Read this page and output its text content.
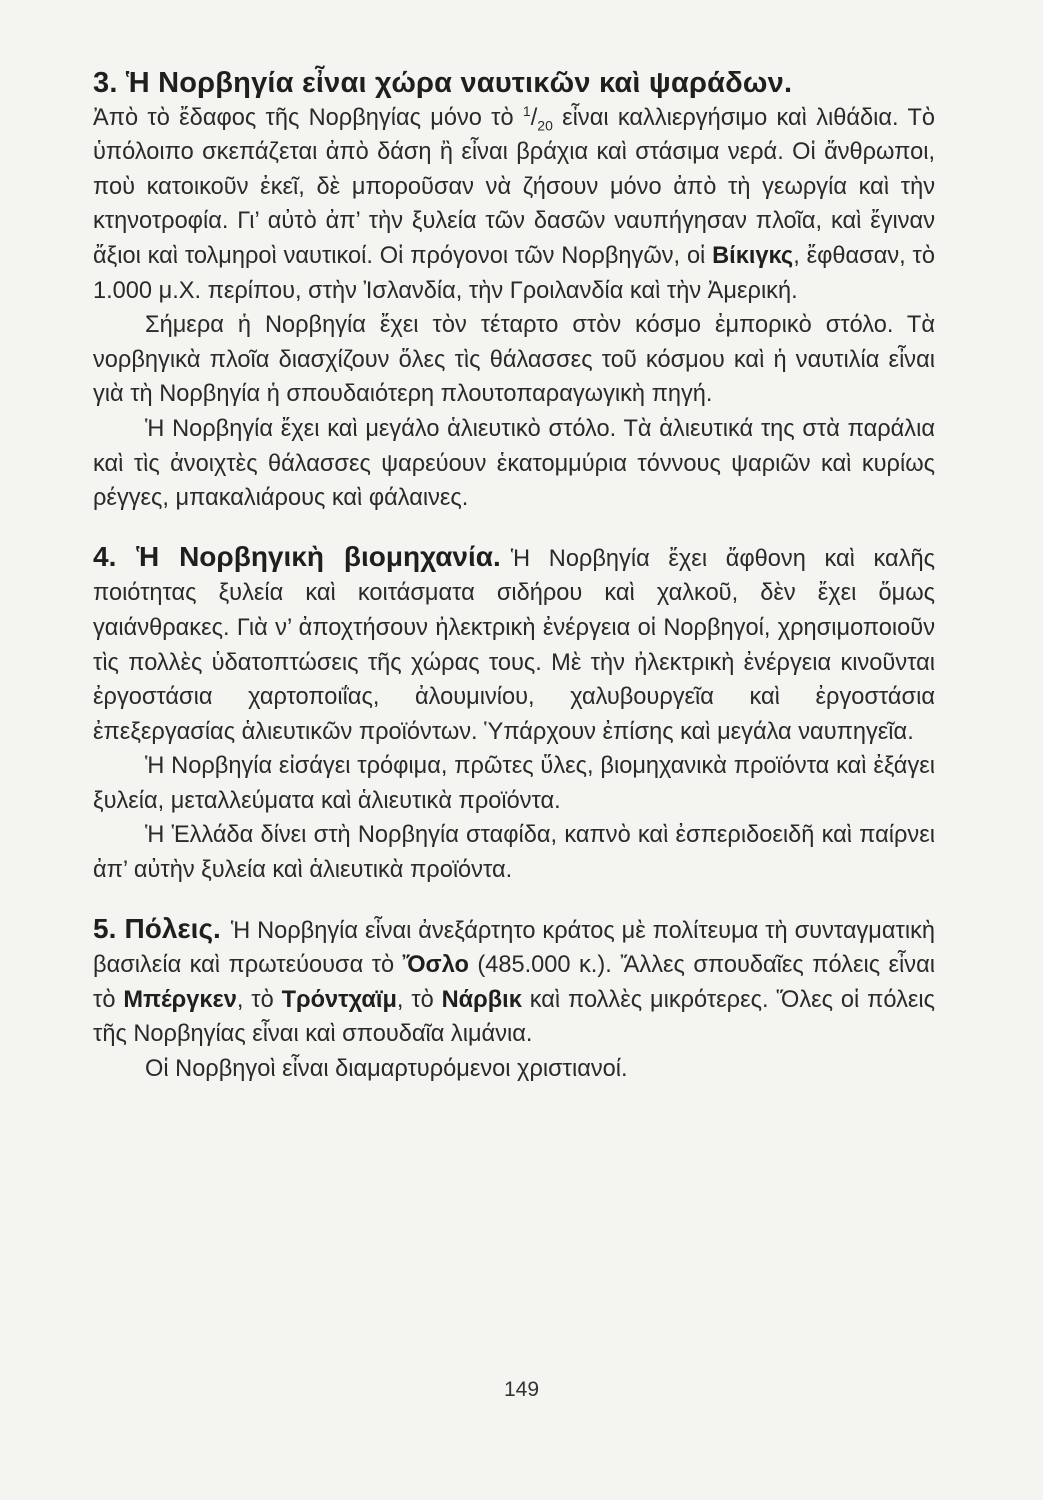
3. Ἡ Νορβηγία εἶναι χώρα ναυτικῶν καὶ ψαράδων.

Ἀπὸ τὸ ἔδαφος τῆς Νορβηγίας μόνο τὸ $^1/_{20}$ εἶναι καλλιεργήσιμο καὶ λιθάδια. Τὸ ὑπόλοιπο σκεπάζεται ἀπὸ δάση ἢ εἶναι βράχια καὶ στάσιμα νερά. Οἱ ἄνθρωποι, ποὺ κατοικοῦν ἐκεῖ, δὲ μποροῦσαν νὰ ζήσουν μόνο ἀπὸ τὴ γεωργία καὶ τὴν κτηνοτροφία. Γι’ αὐτὸ ἀπ’ τὴν ξυλεία τῶν δασῶν ναυπήγησαν πλοῖα, καὶ ἔγιναν ἄξιοι καὶ τολμηροὶ ναυτικοί. Οἱ πρόγονοι τῶν Νορβηγῶν, οἱ Βίκιγκς, ἔφθασαν, τὸ 1.000 μ.Χ. περίπου, στὴν Ἰσλανδία, τὴν Γροιλανδία καὶ τὴν Ἀμερική.

Σήμερα ἡ Νορβηγία ἔχει τὸν τέταρτο στὸν κόσμο ἐμπορικὸ στόλο. Τὰ νορβηγικὰ πλοῖα διασχίζουν ὅλες τὶς θάλασσες τοῦ κόσμου καὶ ἡ ναυτιλία εἶναι γιὰ τὴ Νορβηγία ἡ σπουδαιότερη πλουτοπαραγωγικὴ πηγή.

Ἡ Νορβηγία ἔχει καὶ μεγάλο ἁλιευτικὸ στόλο. Τὰ ἁλιευτικά της στὰ παράλια καὶ τὶς ἀνοιχτὲς θάλασσες ψαρεύουν ἑκατομμύρια τόννους ψαριῶν καὶ κυρίως ρέγγες, μπακαλιάρους καὶ φάλαινες.

4. Ἡ Νορβηγικὴ βιομηχανία. Ἡ Νορβηγία ἔχει ἄφθονη καὶ καλῆς ποιότητας ξυλεία καὶ κοιτάσματα σιδήρου καὶ χαλκοῦ, δὲν ἔχει ὅμως γαιάνθρακες. Γιὰ ν’ ἀποχτήσουν ἠλεκτρικὴ ἐνέργεια οἱ Νορβηγοί, χρησιμοποιοῦν τὶς πολλὲς ὑδατοπτώσεις τῆς χώρας τους. Μὲ τὴν ἠλεκτρικὴ ἐνέργεια κινοῦνται ἐργοστάσια χαρτοποιΐας, ἀλουμινίου, χαλυβουργεῖα καὶ ἐργοστάσια ἐπεξεργασίας ἁλιευτικῶν προϊόντων. Ὑπάρχουν ἐπίσης καὶ μεγάλα ναυπηγεῖα.

Ἡ Νορβηγία εἰσάγει τρόφιμα, πρῶτες ὕλες, βιομηχανικὰ προϊόντα καὶ ἐξάγει ξυλεία, μεταλλεύματα καὶ ἁλιευτικὰ προϊόντα.

Ἡ Ἑλλάδα δίνει στὴ Νορβηγία σταφίδα, καπνὸ καὶ ἐσπεριδοειδῆ καὶ παίρνει ἀπ’ αὐτὴν ξυλεία καὶ ἁλιευτικὰ προϊόντα.

5. Πόλεις. Ἡ Νορβηγία εἶναι ἀνεξάρτητο κράτος μὲ πολίτευμα τὴ συνταγματικὴ βασιλεία καὶ πρωτεύουσα τὸ Ὄσλο (485.000 κ.). Ἄλλες σπουδαῖες πόλεις εἶναι τὸ Μπέργκεν, τὸ Τρόντχαϊμ, τὸ Νάρβικ καὶ πολλὲς μικρότερες. Ὅλες οἱ πόλεις τῆς Νορβηγίας εἶναι καὶ σπουδαῖα λιμάνια.

Οἱ Νορβηγοὶ εἶναι διαμαρτυρόμενοι χριστιανοί.

149
